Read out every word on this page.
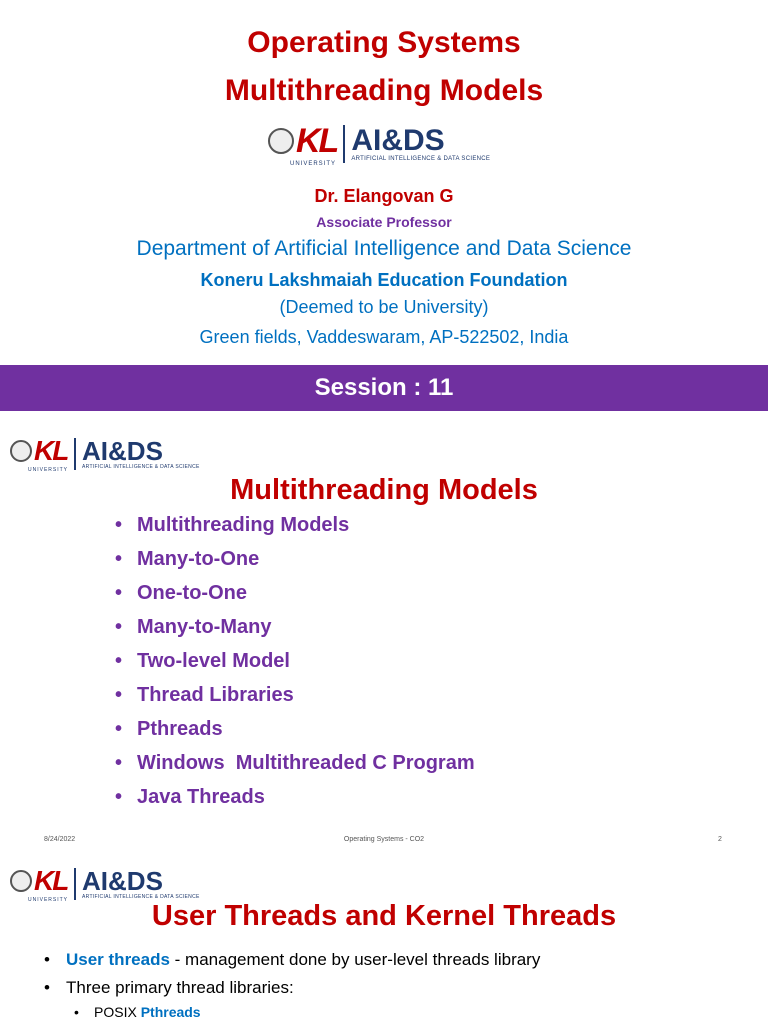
Operating Systems
Multithreading Models
KL
UNIVERSITY
AI&DS
ARTIFICIAL INTELLIGENCE & DATA SCIENCE
Dr. Elangovan G
Associate Professor
Department of Artificial Intelligence and Data Science
Koneru Lakshmaiah Education Foundation
(Deemed to be University)
Green fields, Vaddeswaram, AP-522502, India
Session : 11
KL
UNIVERSITY
AI&DS
ARTIFICIAL INTELLIGENCE & DATA SCIENCE
Multithreading Models
• Multithreading Models
• Many-to-One
• One-to-One
• Many-to-Many
• Two-level Model
• Thread Libraries
• Pthreads
• Windows  Multithreaded C Program
• Java Threads
8/24/2022	Operating Systems - CO2	2
KL
UNIVERSITY
AI&DS
ARTIFICIAL INTELLIGENCE & DATA SCIENCE
User Threads and Kernel Threads
• User threads - management done by user-level threads library
• Three primary thread libraries:
• POSIX Pthreads
